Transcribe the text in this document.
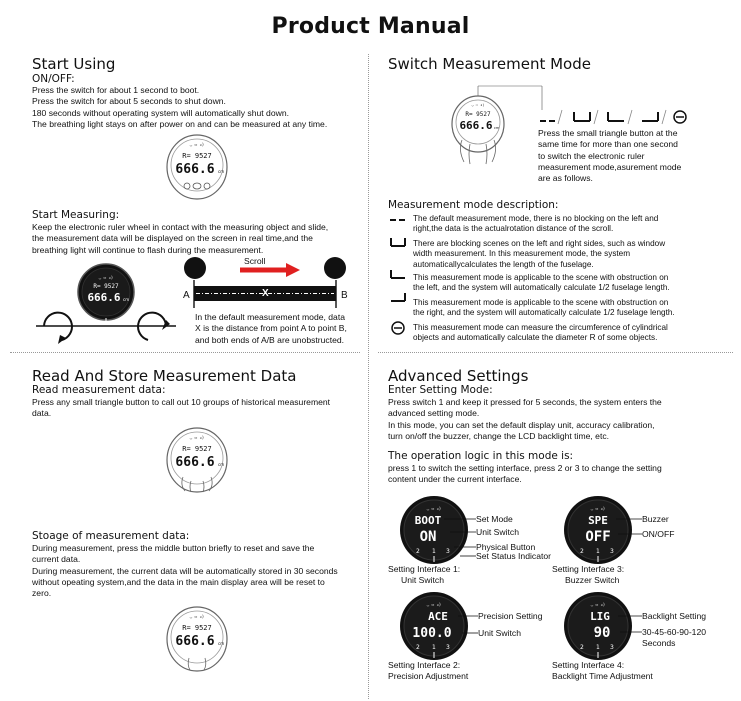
Product Manual
Start Using
ON/OFF:
Press the switch for about 1 second to boot.
Press the switch for about 5 seconds to shut down.
180 seconds without operating system will automatically shut down.
The breathing light stays on after power on and can be measured at any time.
◡ ▭ ◂)
R= 9527
666.6 cm
Start Measuring:
Keep the electronic ruler wheel in contact with the measuring object and slide,
the measurement data will be displayed on the screen in real time,and the
breathing light will continue to flash during the measurement.
◡ ▭ ◂)
R= 9527
666.6 cm
Scroll
A	B
X
In the default measurement mode, data
X is the distance from point A to point B,
and both ends of A/B are unobstructed.
Switch Measurement Mode
◡ ▭ ◂)
R= 9527
666.6 cm	Press the small triangle button at the
same time for more than one second
to switch the electronic ruler
measurement mode,asurement mode
are as follows.
Measurement mode description:
The default measurement mode, there is no blocking on the left and
right,the data is the actualrotation distance of the scroll.
There are blocking scenes on the left and right sides, such as window
width measurement. In this measurement mode, the system
automaticallycalculates the length of the fuselage.
This measurement mode is applicable to the scene with obstruction on
the left, and the system will automatically calculate 1/2 fuselage length.
This measurement mode is applicable to the scene with obstruction on
the right, and the system will automatically calculate 1/2 fuselage length.
This measurement mode can measure the circumference of cylindrical
objects and automatically calculate the diameter R of some objects.
Read And Store Measurement Data
Read measurement data:
Press any small triangle button to call out 10 groups of historical measurement
data.
◡ ▭ ◂)
R= 9527
666.6 cm
Stoage of measurement data:
During measurement, press the middle button briefly to reset and save the
current data.
During measurement, the current data will be automatically stored in 30 seconds
without opeating system,and the data in the main display area will be reset to
zero.
◡ ▭ ◂)
R= 9527
666.6 cm
Advanced Settings
Enter Setting Mode:
Press switch 1 and keep it pressed for 5 seconds, the system enters the
advanced setting mode.
In this mode, you can set the default display unit, accuracy calibration,
turn on/off the buzzer, change the LCD backlight time, etc.
The operation logic in this mode is:
press 1 to switch the setting interface, press 2 or 3 to change the setting
content under the current interface.
◡ ▭ ◂)
BOOT
ON
2 1 3
Set Mode
Unit Switch
Physical Button
Set Status Indicator
Setting Interface 1:
Unit Switch
◡ ▭ ◂)
SPE
OFF
2 1 3
Buzzer
ON/OFF
Setting Interface 3:
Buzzer Switch
◡ ▭ ◂)
ACE
100.0
2 1 3
Precision Setting
Unit Switch
Setting Interface 2:
Precision Adjustment
◡ ▭ ◂)
LIG
90
2 1 3
Backlight Setting
30-45-60-90-120
Seconds
Setting Interface 4:
Backlight Time Adjustment
